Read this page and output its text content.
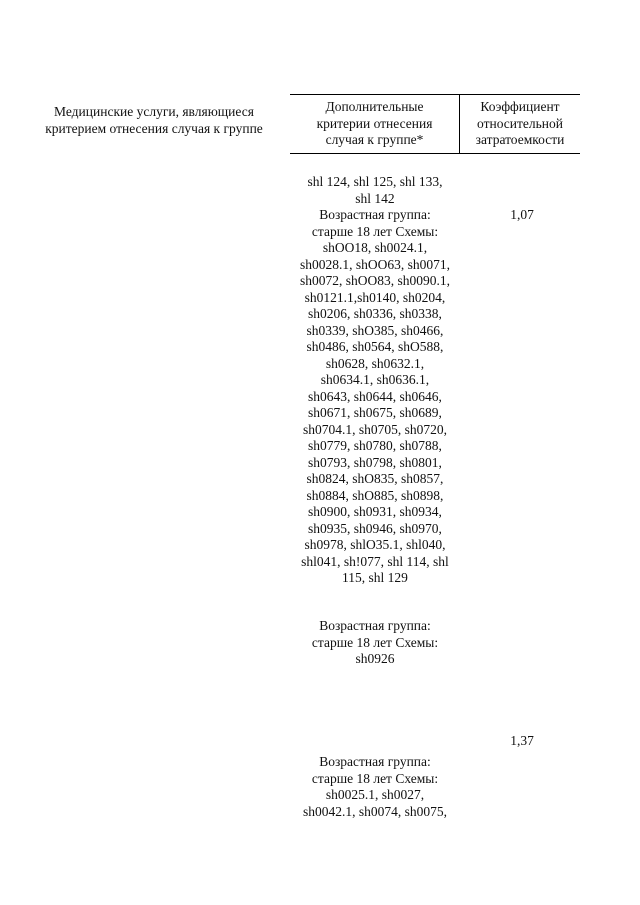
Медицинские услуги, являющиеся
критерием отнесения случая к группе
Дополнительные
критерии отнесения
случая к группе*
Коэффициент
относительной
затратоемкости
shl 124, shl 125, shl 133,
shl 142
Возрастная группа:
старше 18 лет Схемы:
shOO18, sh0024.1,
sh0028.1, shOO63, sh0071,
sh0072, shOO83, sh0090.1,
sh0121.1,sh0140, sh0204,
sh0206, sh0336, sh0338,
sh0339, shO385, sh0466,
sh0486, sh0564, shO588,
sh0628, sh0632.1,
sh0634.1, sh0636.1,
sh0643, sh0644, sh0646,
sh0671, sh0675, sh0689,
sh0704.1, sh0705, sh0720,
sh0779, sh0780, sh0788,
sh0793, sh0798, sh0801,
sh0824, shO835, sh0857,
sh0884, shO885, sh0898,
sh0900, sh0931, sh0934,
sh0935, sh0946, sh0970,
sh0978, shlO35.1, shl040,
shl041, sh!077, shl 114, shl
115, shl 129
1,07
Возрастная группа:
старше 18 лет Схемы:
sh0926
1,37
Возрастная группа:
старше 18 лет Схемы:
sh0025.1, sh0027,
sh0042.1, sh0074, sh0075,
